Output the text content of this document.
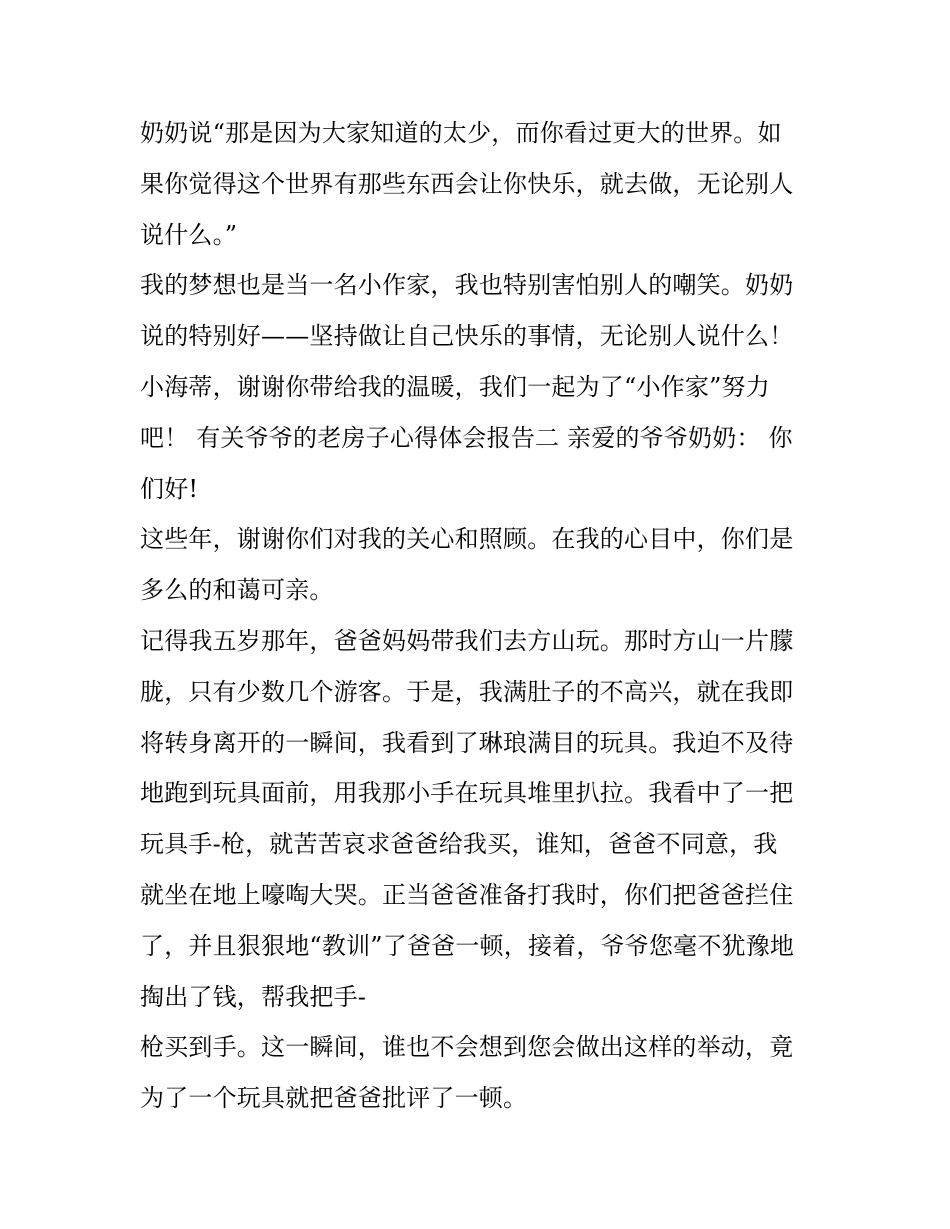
奶奶说“那是因为大家知道的太少，而你看过更大的世界。如
果你觉得这个世界有那些东西会让你快乐，就去做，无论别人
说什么。”
我的梦想也是当一名小作家，我也特别害怕别人的嘲笑。奶奶
说的特别好——坚持做让自己快乐的事情，无论别人说什么！
小海蒂，谢谢你带给我的温暖，我们一起为了“小作家”努力
吧！ 有关爷爷的老房子心得体会报告二 亲爱的爷爷奶奶： 你
们好!
这些年，谢谢你们对我的关心和照顾。在我的心目中，你们是
多么的和蔼可亲。
记得我五岁那年，爸爸妈妈带我们去方山玩。那时方山一片朦
胧，只有少数几个游客。于是，我满肚子的不高兴，就在我即
将转身离开的一瞬间，我看到了琳琅满目的玩具。我迫不及待
地跑到玩具面前，用我那小手在玩具堆里扒拉。我看中了一把
玩具手-枪，就苦苦哀求爸爸给我买，谁知，爸爸不同意，我
就坐在地上嚎啕大哭。正当爸爸准备打我时，你们把爸爸拦住
了，并且狠狠地“教训”了爸爸一顿，接着，爷爷您毫不犹豫地
掏出了钱，帮我把手-
枪买到手。这一瞬间，谁也不会想到您会做出这样的举动，竟
为了一个玩具就把爸爸批评了一顿。
